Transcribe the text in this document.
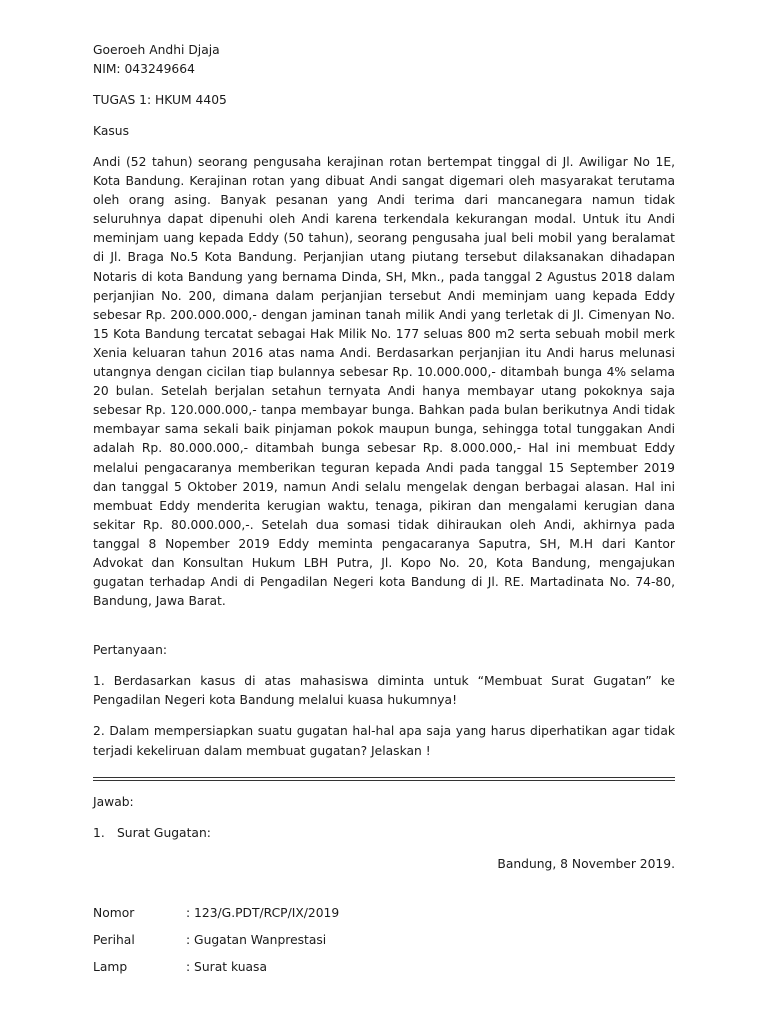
Goeroeh Andhi Djaja

NIM: 043249664

TUGAS 1: HKUM 4405

Kasus

Andi (52 tahun) seorang pengusaha kerajinan rotan bertempat tinggal di Jl. Awiligar No 1E, Kota Bandung. Kerajinan rotan yang dibuat Andi sangat digemari oleh masyarakat terutama oleh orang asing. Banyak pesanan yang Andi terima dari mancanegara namun tidak seluruhnya dapat dipenuhi oleh Andi karena terkendala kekurangan modal. Untuk itu Andi meminjam uang kepada Eddy (50 tahun), seorang pengusaha jual beli mobil yang beralamat di Jl. Braga No.5 Kota Bandung. Perjanjian utang piutang tersebut dilaksanakan dihadapan Notaris di kota Bandung yang bernama Dinda, SH, Mkn., pada tanggal 2 Agustus 2018 dalam perjanjian No. 200, dimana dalam perjanjian tersebut Andi meminjam uang kepada Eddy sebesar Rp. 200.000.000,- dengan jaminan tanah milik Andi yang terletak di Jl. Cimenyan No. 15 Kota Bandung tercatat sebagai Hak Milik No. 177 seluas 800 m2 serta sebuah mobil merk Xenia keluaran tahun 2016 atas nama Andi. Berdasarkan perjanjian itu Andi harus melunasi utangnya dengan cicilan tiap bulannya sebesar Rp. 10.000.000,- ditambah bunga 4% selama 20 bulan. Setelah berjalan setahun ternyata Andi hanya membayar utang pokoknya saja sebesar Rp. 120.000.000,- tanpa membayar bunga. Bahkan pada bulan berikutnya Andi tidak membayar sama sekali baik pinjaman pokok maupun bunga, sehingga total tunggakan Andi adalah Rp. 80.000.000,- ditambah bunga sebesar Rp. 8.000.000,- Hal ini membuat Eddy melalui pengacaranya memberikan teguran kepada Andi pada tanggal 15 September 2019 dan tanggal 5 Oktober 2019, namun Andi selalu mengelak dengan berbagai alasan. Hal ini membuat Eddy menderita kerugian waktu, tenaga, pikiran dan mengalami kerugian dana sekitar Rp. 80.000.000,-. Setelah dua somasi tidak dihiraukan oleh Andi, akhirnya pada tanggal 8 Nopember 2019 Eddy meminta pengacaranya Saputra, SH, M.H dari Kantor Advokat dan Konsultan Hukum LBH Putra, Jl. Kopo No. 20, Kota Bandung, mengajukan gugatan terhadap Andi di Pengadilan Negeri kota Bandung di Jl. RE. Martadinata No. 74-80, Bandung, Jawa Barat.

Pertanyaan:

1. Berdasarkan kasus di atas mahasiswa diminta untuk “Membuat Surat Gugatan” ke Pengadilan Negeri kota Bandung melalui kuasa hukumnya!

2. Dalam mempersiapkan suatu gugatan hal-hal apa saja yang harus diperhatikan agar tidak terjadi kekeliruan dalam membuat gugatan? Jelaskan !

Jawab:

1. Surat Gugatan:

Bandung, 8 November 2019.

Nomor	: 123/G.PDT/RCP/IX/2019
Perihal	: Gugatan Wanprestasi
Lamp	: Surat kuasa
